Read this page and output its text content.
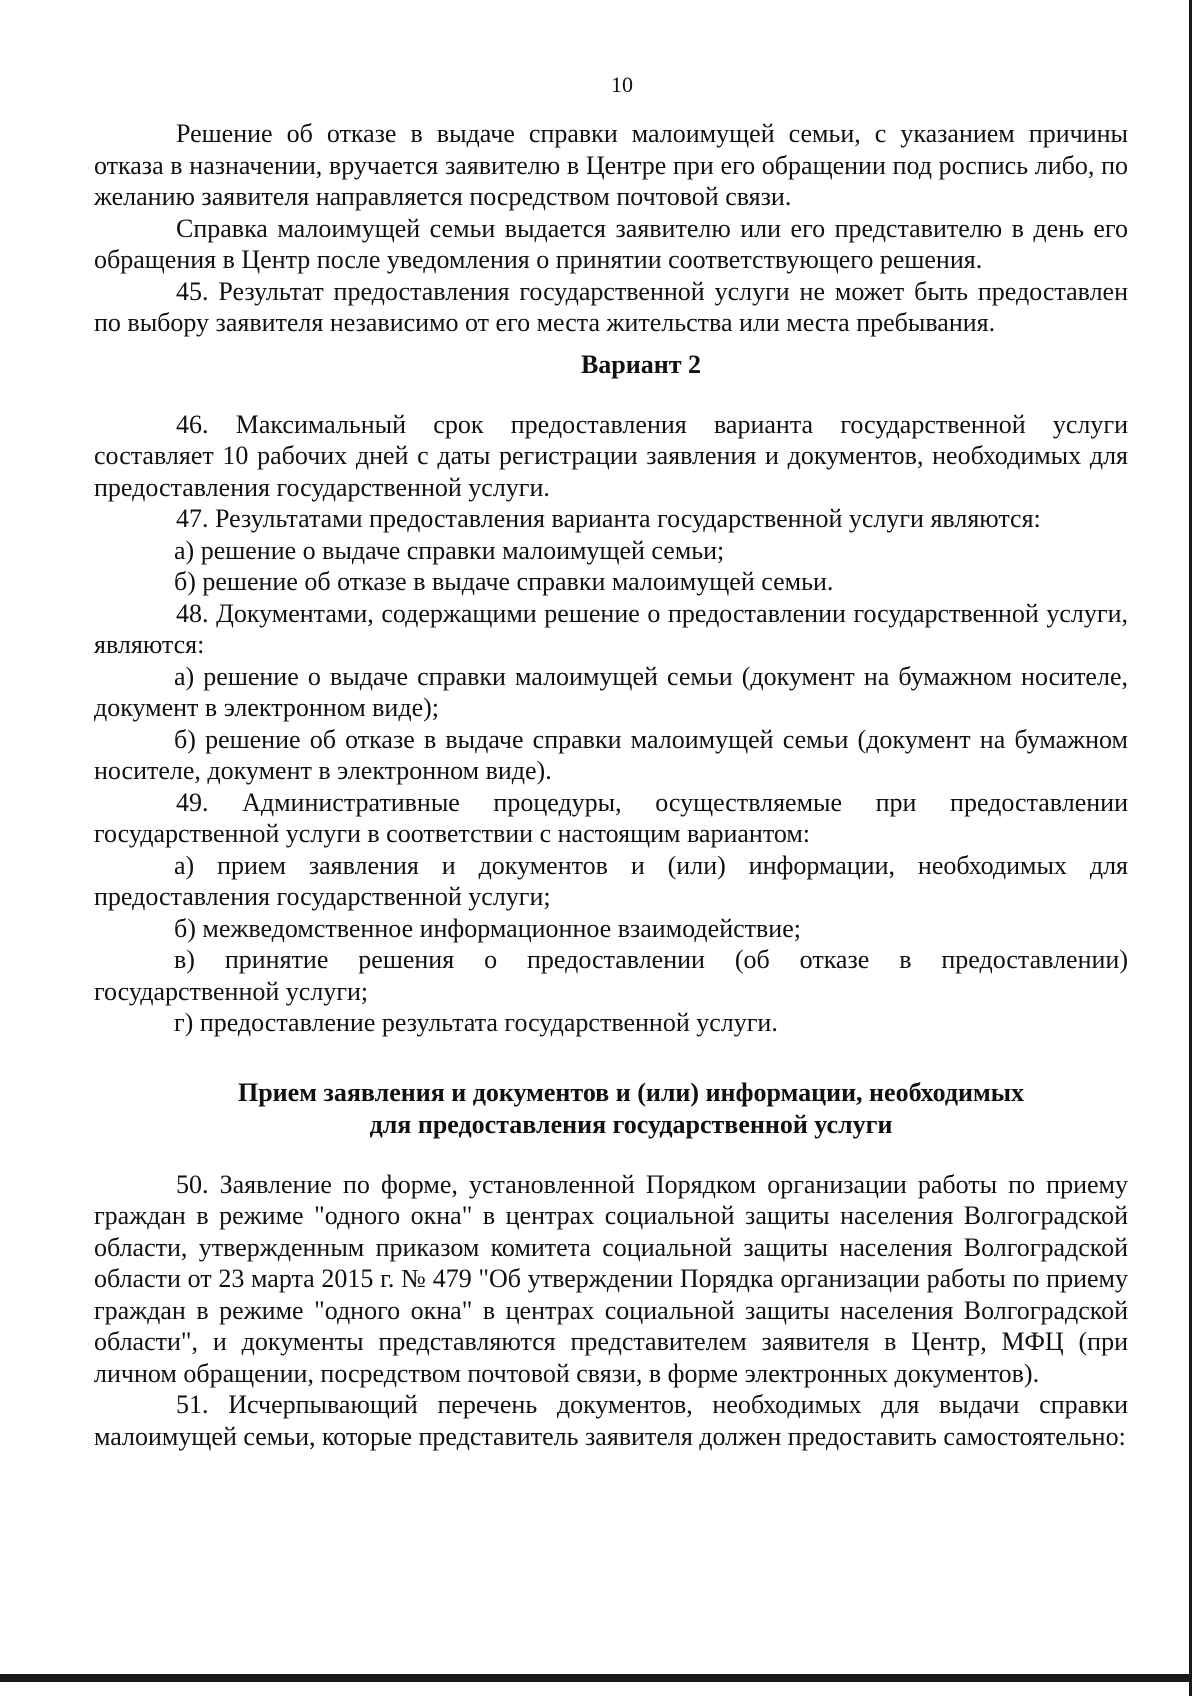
10

Решение об отказе в выдаче справки малоимущей семьи, с указанием причины отказа в назначении, вручается заявителю в Центре при его обращении под роспись либо, по желанию заявителя направляется посредством почтовой связи.

Справка малоимущей семьи выдается заявителю или его представителю в день его обращения в Центр после уведомления о принятии соответствующего решения.

45. Результат предоставления государственной услуги не может быть предоставлен по выбору заявителя независимо от его места жительства или места пребывания.

Вариант 2

46. Максимальный срок предоставления варианта государственной услуги составляет 10 рабочих дней с даты регистрации заявления и документов, необходимых для предоставления государственной услуги.

47. Результатами предоставления варианта государственной услуги являются:

а) решение о выдаче справки малоимущей семьи;

б) решение об отказе в выдаче справки малоимущей семьи.

48. Документами, содержащими решение о предоставлении государственной услуги, являются:

а) решение о выдаче справки малоимущей семьи (документ на бумажном носителе, документ в электронном виде);

б) решение об отказе в выдаче справки малоимущей семьи (документ на бумажном носителе, документ в электронном виде).

49. Административные процедуры, осуществляемые при предоставлении государственной услуги в соответствии с настоящим вариантом:

а) прием заявления и документов и (или) информации, необходимых для предоставления государственной услуги;

б) межведомственное информационное взаимодействие;

в) принятие решения о предоставлении (об отказе в предоставлении) государственной услуги;

г) предоставление результата государственной услуги.

Прием заявления и документов и (или) информации, необходимых
для предоставления государственной услуги

50. Заявление по форме, установленной Порядком организации работы по приему граждан в режиме "одного окна" в центрах социальной защиты населения Волгоградской области, утвержденным приказом комитета социальной защиты населения Волгоградской области от 23 марта 2015 г. № 479 "Об утверждении Порядка организации работы по приему граждан в режиме "одного окна" в центрах социальной защиты населения Волгоградской области", и документы представляются представителем заявителя в Центр, МФЦ (при личном обращении, посредством почтовой связи, в форме электронных документов).

51. Исчерпывающий перечень документов, необходимых для выдачи справки малоимущей семьи, которые представитель заявителя должен предоставить самостоятельно:
